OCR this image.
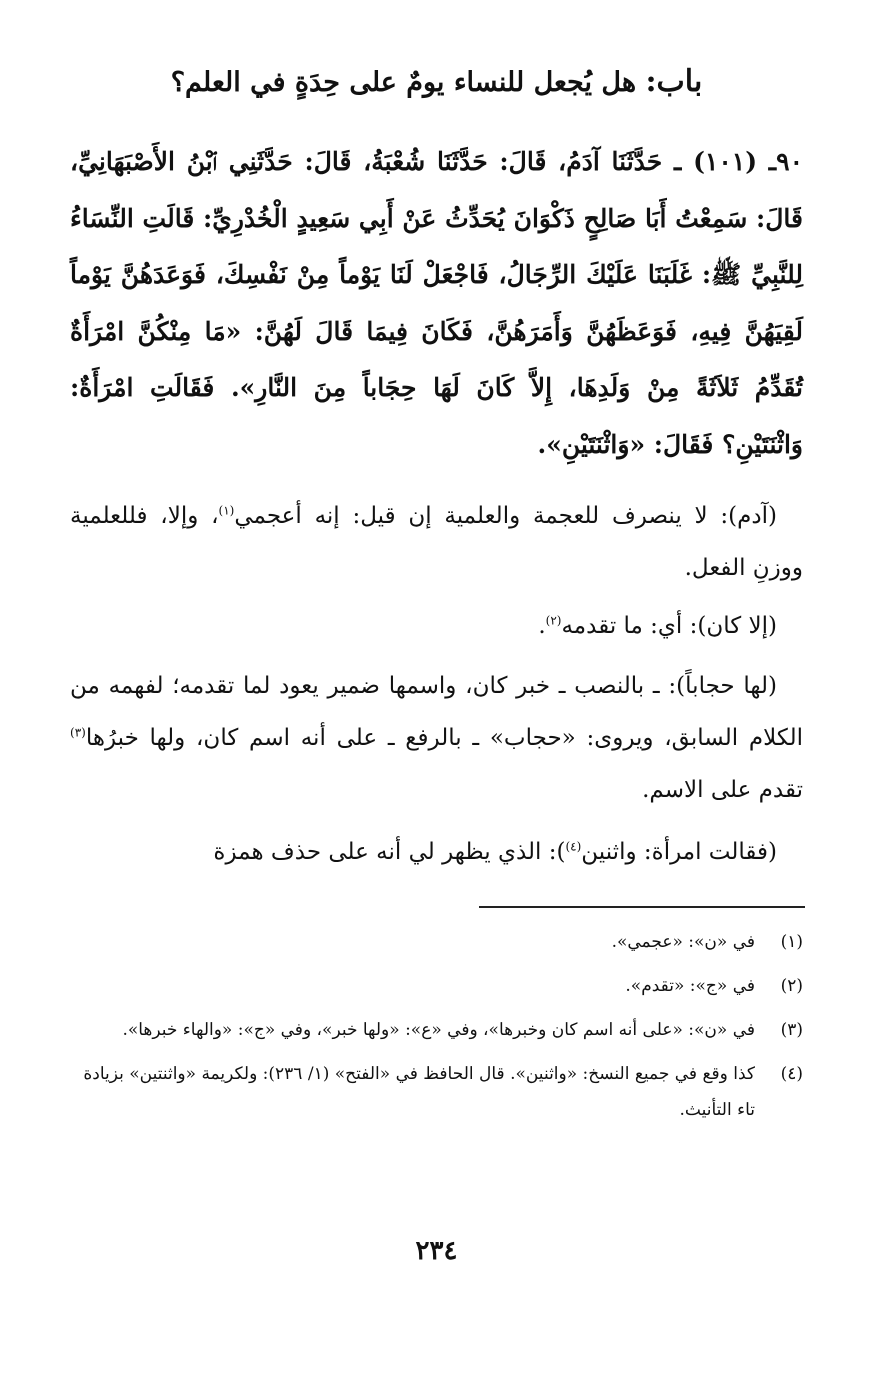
باب: هل يُجعل للنساء يومٌ على حِدَةٍ في العلم؟
٩٠ـ (١٠١) ـ حَدَّثَنَا آدَمُ، قَالَ: حَدَّثَنَا شُعْبَةُ، قَالَ: حَدَّثَنِي ٱبْنُ الأَصْبَهَانِيِّ، قَالَ: سَمِعْتُ أَبَا صَالِحٍ ذَكْوَانَ يُحَدِّثُ عَنْ أَبِي سَعِيدٍ الْخُدْرِيِّ: قَالَتِ النِّسَاءُ لِلنَّبِيِّ ﷺ: غَلَبَنَا عَلَيْكَ الرِّجَالُ، فَاجْعَلْ لَنَا يَوْماً مِنْ نَفْسِكَ، فَوَعَدَهُنَّ يَوْماً لَقِيَهُنَّ فِيهِ، فَوَعَظَهُنَّ وَأَمَرَهُنَّ، فَكَانَ فِيمَا قَالَ لَهُنَّ: «مَا مِنْكُنَّ امْرَأَةٌ تُقَدِّمُ ثَلاَثَةً مِنْ وَلَدِهَا، إِلاَّ كَانَ لَهَا حِجَاباً مِنَ النَّارِ». فَقَالَتِ امْرَأَةٌ: وَاثْنَتَيْنِ؟ فَقَالَ: «وَاثْنَتَيْنِ».

(آدم): لا ينصرف للعجمة والعلمية إن قيل: إنه أعجمي$^{(١)}$، وإلا، فللعلمية ووزنِ الفعل.

(إلا كان): أي: ما تقدمه$^{(٢)}$.

(لها حجاباً): ـ بالنصب ـ خبر كان، واسمها ضمير يعود لما تقدمه؛ لفهمه من الكلام السابق، ويروى: «حجاب» ـ بالرفع ـ على أنه اسم كان، ولها خبرُها$^{(٣)}$ تقدم على الاسم.

(فقالت امرأة: واثنين$^{(٤)}$): الذي يظهر لي أنه على حذف همزة

(١)
في «ن»: «عجمي».
(٢)
في «ج»: «تقدم».
(٣)
في «ن»: «على أنه اسم كان وخبرها»، وفي «ع»: «ولها خبر»، وفي «ج»: «والهاء خبرها».
(٤)
كذا وقع في جميع النسخ: «واثنين». قال الحافظ في «الفتح» (١/ ٢٣٦): ولكريمة «واثنتين» بزيادة تاء التأنيث.
٢٣٤
